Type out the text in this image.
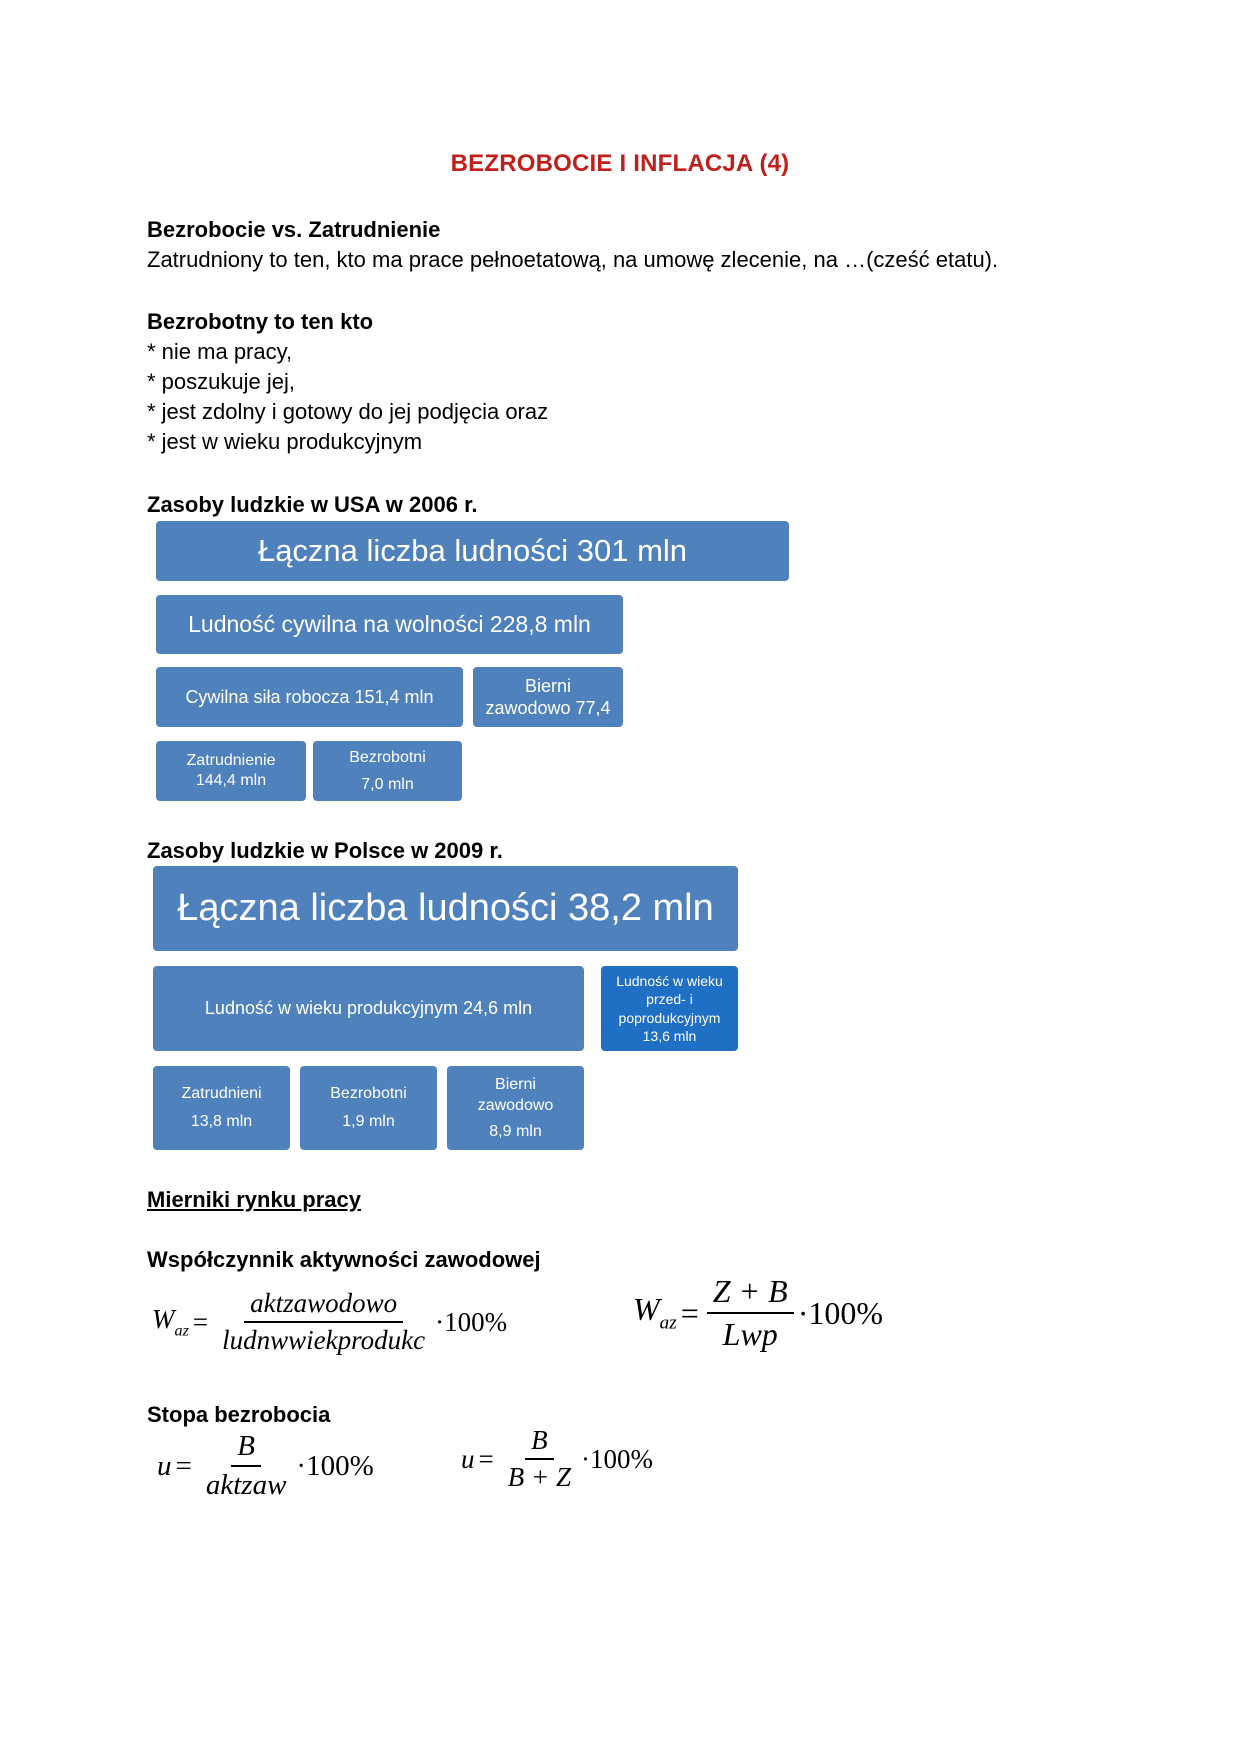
BEZROBOCIE I INFLACJA (4)
Bezrobocie vs. Zatrudnienie
Zatrudniony to ten, kto ma prace pełnoetatową, na umowę zlecenie, na …(cześć etatu).
Bezrobotny to ten kto
* nie ma pracy,
* poszukuje jej,
* jest zdolny i gotowy do jej podjęcia oraz
* jest w wieku produkcyjnym
Zasoby ludzkie w USA w 2006 r.
Łączna liczba ludności 301 mln
Ludność cywilna na wolności 228,8 mln
Cywilna siła robocza 151,4 mln
Bierni
zawodowo 77,4
Zatrudnienie
144,4 mln
Bezrobotni
7,0 mln
Zasoby ludzkie w Polsce w 2009 r.
Łączna liczba ludności 38,2 mln
Ludność w wieku produkcyjnym 24,6 mln
Ludność w wieku
przed- i
poprodukcyjnym
13,6 mln
Zatrudnieni
13,8 mln
Bezrobotni
1,9 mln
Bierni
zawodowo
8,9 mln
Mierniki rynku pracy
Współczynnik aktywności zawodowej
$W_{az} = \frac{\text{aktzawodowo}}{\text{ludnwwiekprodukc}} \cdot 100\%$	$W_{az} = \frac{Z + B}{\text{Lwp}} \cdot 100\%$
Stopa bezrobocia
$u = \frac{B}{\text{aktzaw}} \cdot 100\%$	$u = \frac{B}{B + Z} \cdot 100\%$
